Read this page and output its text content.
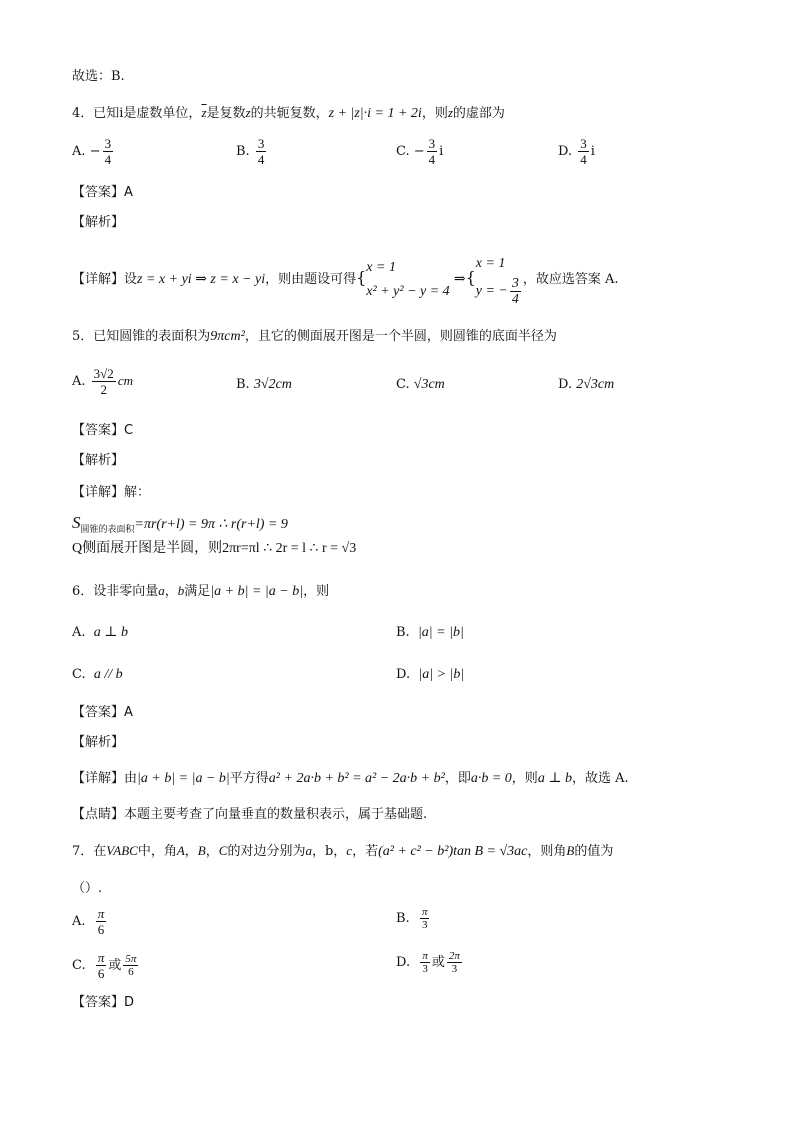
故选：B.
4．已知i是虚数单位，$\overline{z}$是复数z的共轭复数，z + |z|·i = 1 + 2i，则z的虚部为
A. − $\frac{3}{4}$	B. $\frac{3}{4}$	C. − $\frac{3}{4}$ i	D. $\frac{3}{4}$ i
【答案】A
【解析】
【详解】设z = x + yi ⇒ z = x − yi，则由题设可得{
x = 1
x² + y² − y = 4
⇒{
x = 1
y = − $\frac{3}{4}$ ，故应选答案 A.
5．已知圆锥的表面积为9πcm²，且它的侧面展开图是一个半圆，则圆锥的底面半径为
A. $\frac{3√2}{2}$ cm	B. 3√2cm	C. √3cm	D. 2√3cm
【答案】C
【解析】
【详解】解：
$S_{圆锥的表面积}=\pi r(r+l) = 9\pi$ ∴ r(r+l) = 9
Q侧面展开图是半圆，则2πr=πl ∴ 2r = l ∴ r = √3
6．设非零向量a，b满足|a + b| = |a − b|，则
A. a ⊥ b	B. |a| = |b|
C. a // b	D. |a| > |b|
【答案】A
【解析】
【详解】由|a + b| = |a − b|平方得a² + 2a·b + b² = a² − 2a·b + b²，即a·b = 0，则a ⊥ b，故选 A.
【点睛】本题主要考查了向量垂直的数量积表示，属于基础题.
7．在VABC中，角A，B，C的对边分别为a，b，c，若(a² + c² − b²)tan B = √3ac，则角B的值为
（）.
A. $\frac{\pi}{6}$	B. $\frac{\pi}{3}$
C. $\frac{\pi}{6}$ 或 $\frac{5\pi}{6}$	D. $\frac{\pi}{3}$ 或 $\frac{2\pi}{3}$
【答案】D
